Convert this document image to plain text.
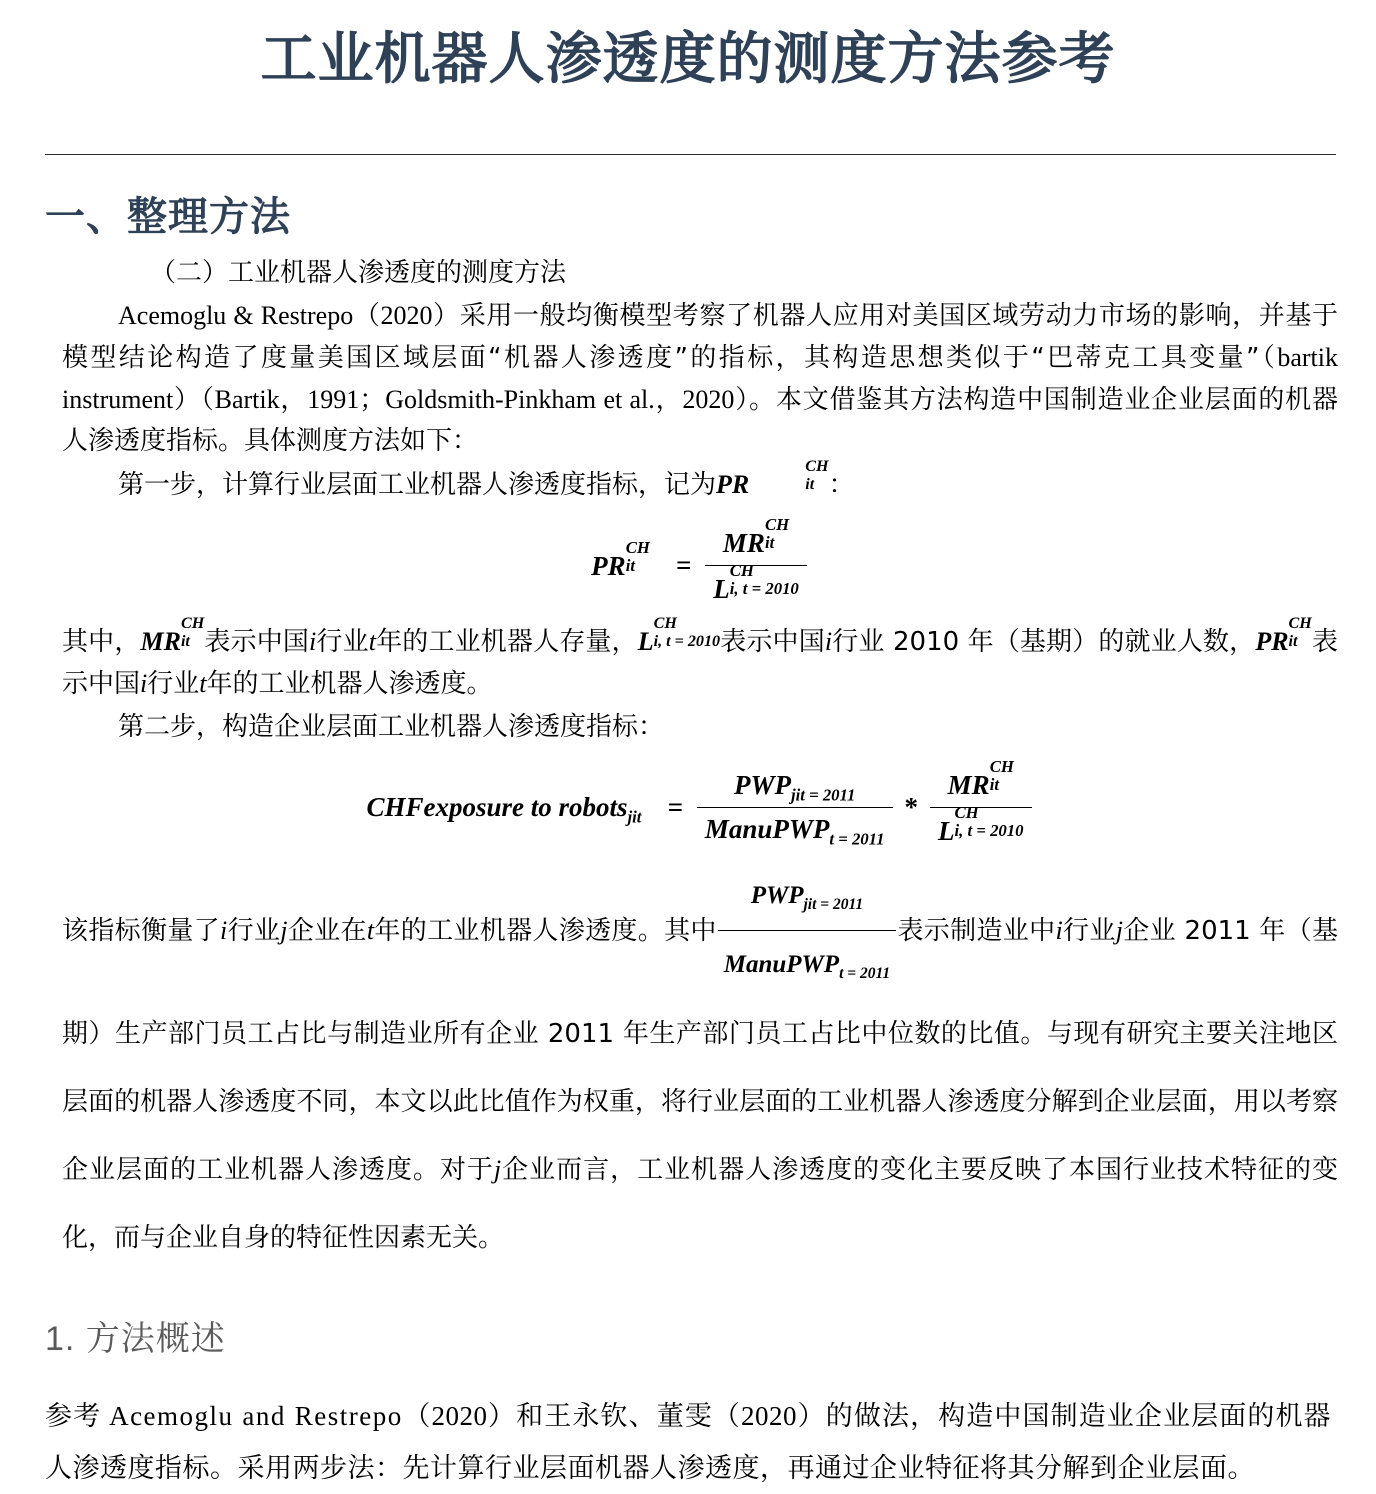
工业机器人渗透度的测度方法参考
一、整理方法

（二）工业机器人渗透度的测度方法

Acemoglu & Restrepo（2020）采用一般均衡模型考察了机器人应用对美国区域劳动力市场的影响，并基于模型结论构造了度量美国区域层面“机器人渗透度”的指标，其构造思想类似于“巴蒂克工具变量”（bartik instrument）（Bartik，1991；Goldsmith-Pinkham et al.，2020）。本文借鉴其方法构造中国制造业企业层面的机器人渗透度指标。具体测度方法如下：

第一步，计算行业层面工业机器人渗透度指标，记为PR
CH
it ：

PR
CH
it	= MR
CH
it
L
CH
i, t = 2010

其中，MR
CH
it 表示中国i行业t年的工业机器人存量，L
CH
i, t = 2010 表示中国i行业 2010 年（基期）的就业人数，PR
CH
it 表示中国i行业t年的工业机器人渗透度。

第二步，构造企业层面工业机器人渗透度指标：

CHFexposure to robots$_{jit}$ = $\frac{PWP_{jit = 2011}}{ManuPWP_{t = 2011}}$ * MR
CH
it
L
CH
i, t = 2010

该指标衡量了i行业j企业在t年的工业机器人渗透度。其中 $\frac{PWP_{jit = 2011}}{ManuPWP_{t = 2011}}$ 表示制造业中i行业j企业 2011 年（基期）生产部门员工占比与制造业所有企业 2011 年生产部门员工占比中位数的比值。与现有研究主要关注地区层面的机器人渗透度不同，本文以此比值作为权重，将行业层面的工业机器人渗透度分解到企业层面，用以考察企业层面的工业机器人渗透度。对于j企业而言，工业机器人渗透度的变化主要反映了本国行业技术特征的变化，而与企业自身的特征性因素无关。

1. 方法概述

参考 Acemoglu and Restrepo（2020）和王永钦、董雯（2020）的做法，构造中国制造业企业层面的机器人渗透度指标。采用两步法：先计算行业层面机器人渗透度，再通过企业特征将其分解到企业层面。
